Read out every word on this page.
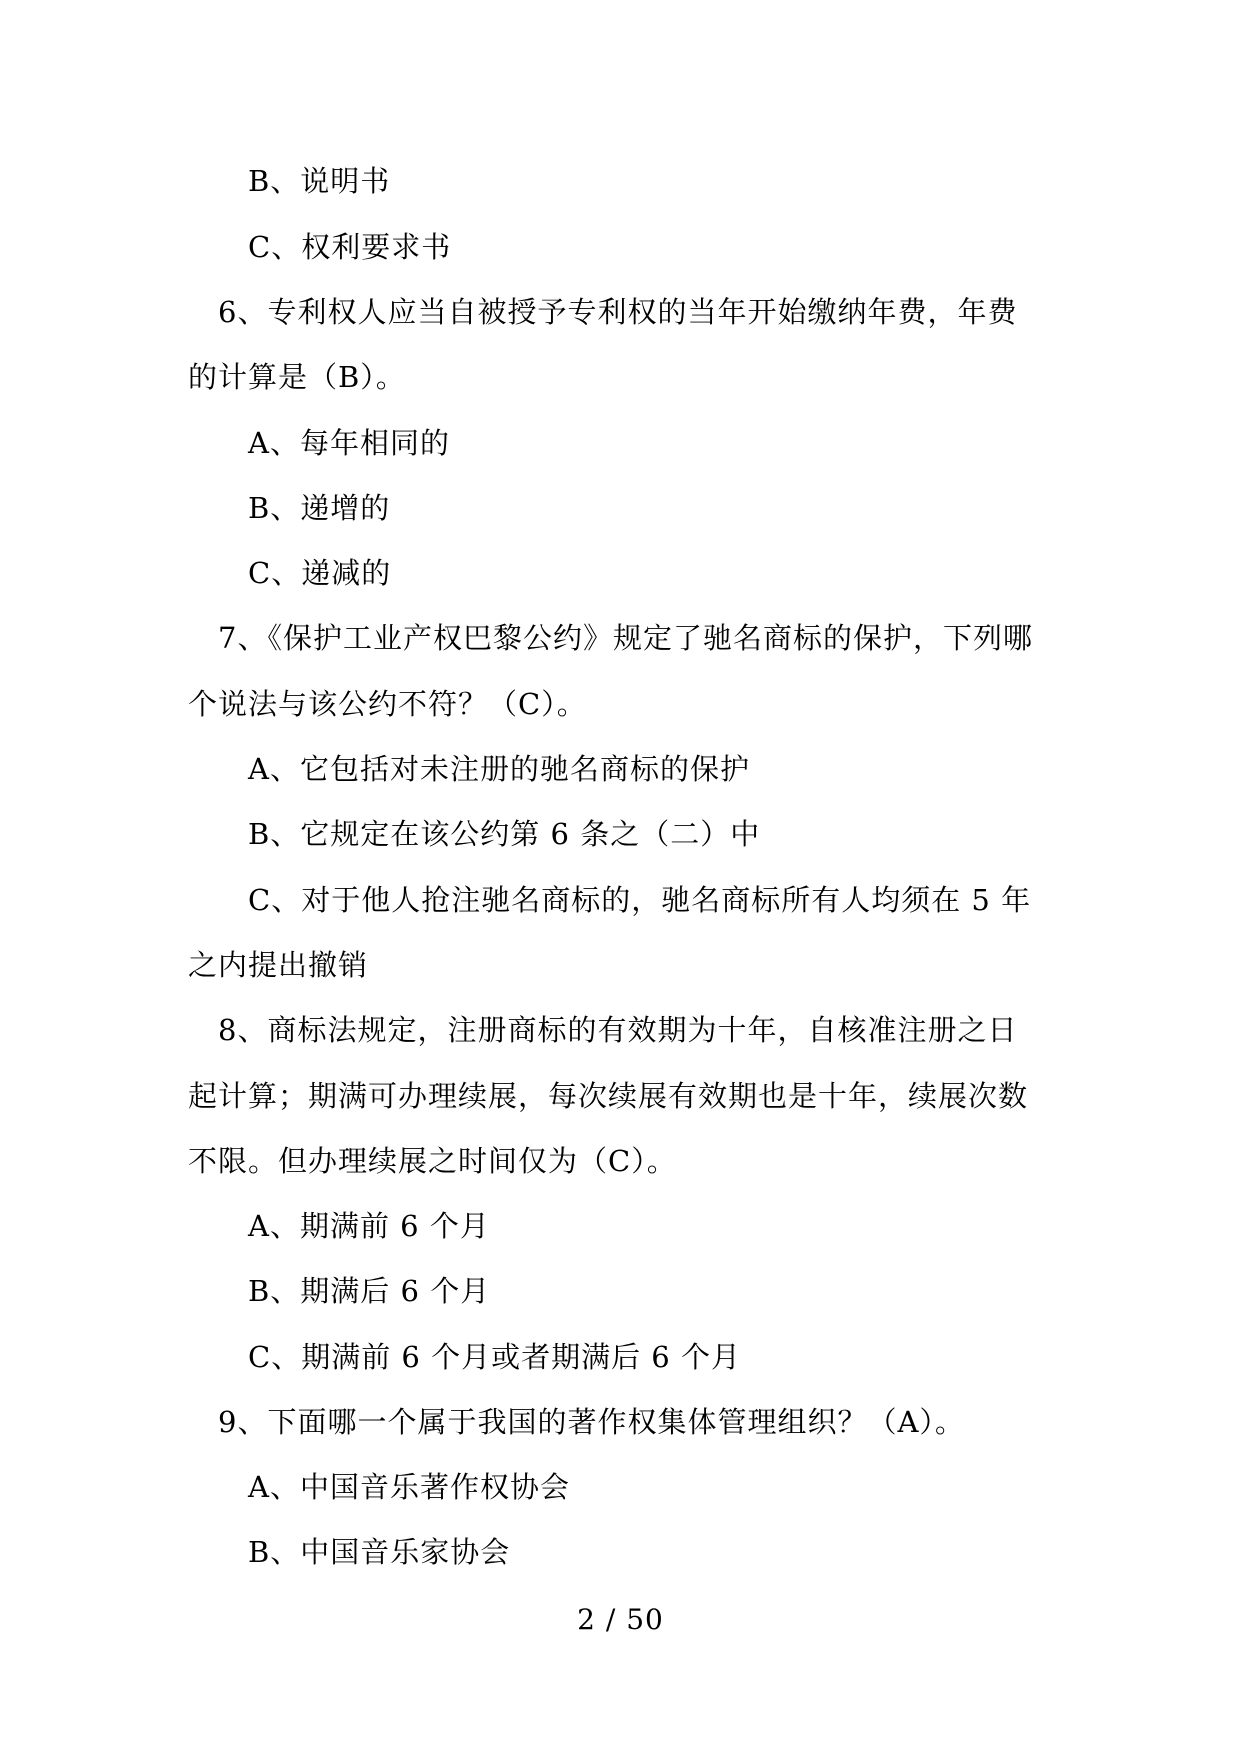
B、说明书
C、权利要求书
6、专利权人应当自被授予专利权的当年开始缴纳年费，年费
的计算是（B）。
A、每年相同的
B、递增的
C、递减的
7、《保护工业产权巴黎公约》规定了驰名商标的保护，下列哪
个说法与该公约不符？（C）。
A、它包括对未注册的驰名商标的保护
B、它规定在该公约第 6 条之（二）中
C、对于他人抢注驰名商标的，驰名商标所有人均须在 5 年
之内提出撤销
8、商标法规定，注册商标的有效期为十年，自核准注册之日
起计算；期满可办理续展，每次续展有效期也是十年，续展次数
不限。但办理续展之时间仅为（C）。
A、期满前 6 个月
B、期满后 6 个月
C、期满前 6 个月或者期满后 6 个月
9、下面哪一个属于我国的著作权集体管理组织？（A）。
A、中国音乐著作权协会
B、中国音乐家协会
2 / 50
